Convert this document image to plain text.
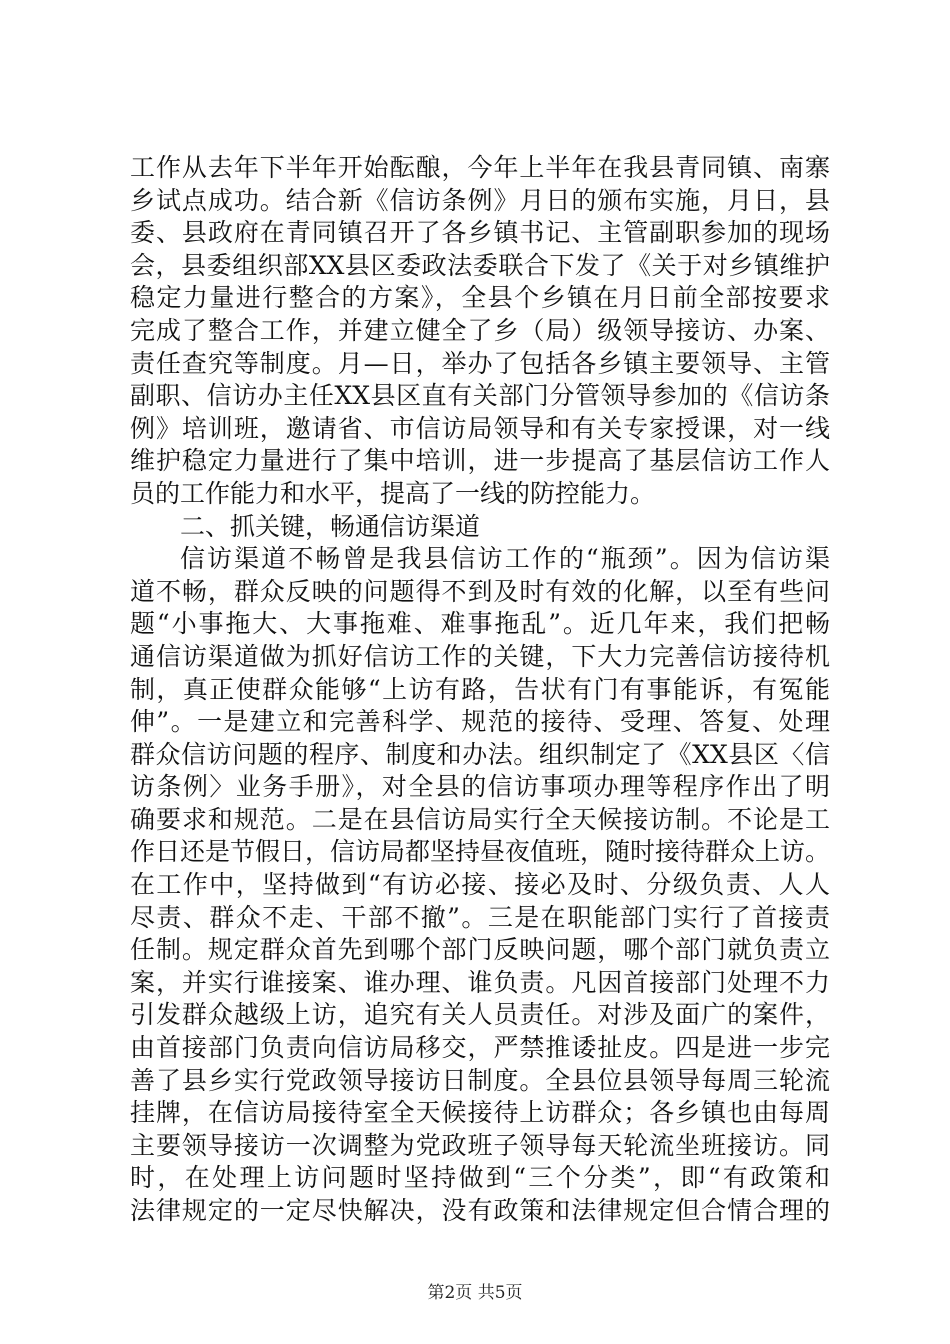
工作从去年下半年开始酝酿，今年上半年在我县青同镇、南寨
乡试点成功。结合新《信访条例》月日的颁布实施，月日，县
委、县政府在青同镇召开了各乡镇书记、主管副职参加的现场
会，县委组织部XX县区委政法委联合下发了《关于对乡镇维护
稳定力量进行整合的方案》，全县个乡镇在月日前全部按要求
完成了整合工作，并建立健全了乡（局）级领导接访、办案、
责任查究等制度。月—日，举办了包括各乡镇主要领导、主管
副职、信访办主任XX县区直有关部门分管领导参加的《信访条
例》培训班，邀请省、市信访局领导和有关专家授课，对一线
维护稳定力量进行了集中培训，进一步提高了基层信访工作人
员的工作能力和水平，提高了一线的防控能力。
二、抓关键，畅通信访渠道
信访渠道不畅曾是我县信访工作的“瓶颈”。因为信访渠
道不畅，群众反映的问题得不到及时有效的化解，以至有些问
题“小事拖大、大事拖难、难事拖乱”。近几年来，我们把畅
通信访渠道做为抓好信访工作的关键，下大力完善信访接待机
制，真正使群众能够“上访有路，告状有门有事能诉，有冤能
伸”。一是建立和完善科学、规范的接待、受理、答复、处理
群众信访问题的程序、制度和办法。组织制定了《XX县区〈信
访条例〉业务手册》，对全县的信访事项办理等程序作出了明
确要求和规范。二是在县信访局实行全天候接访制。不论是工
作日还是节假日，信访局都坚持昼夜值班，随时接待群众上访。
在工作中，坚持做到“有访必接、接必及时、分级负责、人人
尽责、群众不走、干部不撤”。三是在职能部门实行了首接责
任制。规定群众首先到哪个部门反映问题，哪个部门就负责立
案，并实行谁接案、谁办理、谁负责。凡因首接部门处理不力
引发群众越级上访，追究有关人员责任。对涉及面广的案件，
由首接部门负责向信访局移交，严禁推诿扯皮。四是进一步完
善了县乡实行党政领导接访日制度。全县位县领导每周三轮流
挂牌，在信访局接待室全天候接待上访群众；各乡镇也由每周
主要领导接访一次调整为党政班子领导每天轮流坐班接访。同
时，在处理上访问题时坚持做到“三个分类”，即“有政策和
法律规定的一定尽快解决，没有政策和法律规定但合情合理的
第2页 共5页
